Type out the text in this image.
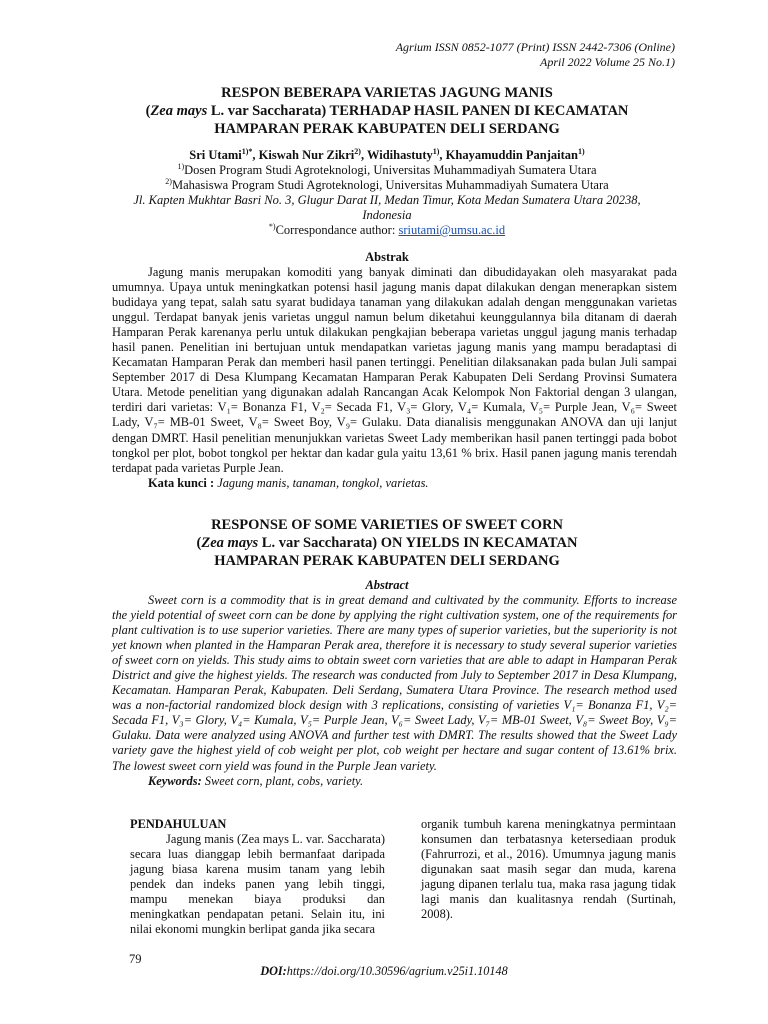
Agrium ISSN 0852-1077 (Print) ISSN 2442-7306 (Online)
April 2022 Volume 25 No.1)
RESPON BEBERAPA VARIETAS JAGUNG MANIS
(Zea mays L. var Saccharata) TERHADAP HASIL PANEN DI KECAMATAN
HAMPARAN PERAK KABUPATEN DELI SERDANG
Sri Utami$^{1)*}$, Kiswah Nur Zikri$^{2)}$, Widihastuty$^{1)}$, Khayamuddin Panjaitan$^{1)}$
$^{1)}$Dosen Program Studi Agroteknologi, Universitas Muhammadiyah Sumatera Utara
$^{2)}$Mahasiswa Program Studi Agroteknologi, Universitas Muhammadiyah Sumatera Utara
Jl. Kapten Mukhtar Basri No. 3, Glugur Darat II, Medan Timur, Kota Medan Sumatera Utara 20238,
Indonesia
*)Correspondance author: sriutami@umsu.ac.id
Abstrak

Jagung manis merupakan komoditi yang banyak diminati dan dibudidayakan oleh masyarakat pada umumnya. Upaya untuk meningkatkan potensi hasil jagung manis dapat dilakukan dengan menerapkan sistem budidaya yang tepat, salah satu syarat budidaya tanaman yang dilakukan adalah dengan menggunakan varietas unggul. Terdapat banyak jenis varietas unggul namun belum diketahui keunggulannya bila ditanam di daerah Hamparan Perak karenanya perlu untuk dilakukan pengkajian beberapa varietas unggul jagung manis terhadap hasil panen. Penelitian ini bertujuan untuk mendapatkan varietas jagung manis yang mampu beradaptasi di Kecamatan Hamparan Perak dan memberi hasil panen tertinggi. Penelitian dilaksanakan pada bulan Juli sampai September 2017 di Desa Klumpang Kecamatan Hamparan Perak Kabupaten Deli Serdang Provinsi Sumatera Utara. Metode penelitian yang digunakan adalah Rancangan Acak Kelompok Non Faktorial dengan 3 ulangan, terdiri dari varietas: V₁= Bonanza F1, V₂= Secada F1, V₃= Glory, V₄= Kumala, V₅= Purple Jean, V₆= Sweet Lady, V₇= MB-01 Sweet, V₈= Sweet Boy, V₉= Gulaku. Data dianalisis menggunakan ANOVA dan uji lanjut dengan DMRT. Hasil penelitian menunjukkan varietas Sweet Lady memberikan hasil panen tertinggi pada bobot tongkol per plot, bobot tongkol per hektar dan kadar gula yaitu 13,61 % brix. Hasil panen jagung manis terendah terdapat pada varietas Purple Jean.

Kata kunci : Jagung manis, tanaman, tongkol, varietas.

RESPONSE OF SOME VARIETIES OF SWEET CORN
(Zea mays L. var Saccharata) ON YIELDS IN KECAMATAN
HAMPARAN PERAK KABUPATEN DELI SERDANG
Abstract

Sweet corn is a commodity that is in great demand and cultivated by the community. Efforts to increase the yield potential of sweet corn can be done by applying the right cultivation system, one of the requirements for plant cultivation is to use superior varieties. There are many types of superior varieties, but the superiority is not yet known when planted in the Hamparan Perak area, therefore it is necessary to study several superior varieties of sweet corn on yields. This study aims to obtain sweet corn varieties that are able to adapt in Hamparan Perak District and give the highest yields. The research was conducted from July to September 2017 in Desa Klumpang, Kecamatan. Hamparan Perak, Kabupaten. Deli Serdang, Sumatera Utara Province. The research method used was a non-factorial randomized block design with 3 replications, consisting of varieties V₁= Bonanza F1, V₂= Secada F1, V₃= Glory, V₄= Kumala, V₅= Purple Jean, V₆= Sweet Lady, V₇= MB-01 Sweet, V₈= Sweet Boy, V₉= Gulaku. Data were analyzed using ANOVA and further test with DMRT. The results showed that the Sweet Lady variety gave the highest yield of cob weight per plot, cob weight per hectare and sugar content of 13.61% brix. The lowest sweet corn yield was found in the Purple Jean variety.

Keywords: Sweet corn, plant, cobs, variety.

PENDAHULUAN

Jagung manis (Zea mays L. var. Saccharata) secara luas dianggap lebih bermanfaat daripada jagung biasa karena musim tanam yang lebih pendek dan indeks panen yang lebih tinggi, mampu menekan biaya produksi dan meningkatkan pendapatan petani. Selain itu, ini nilai ekonomi mungkin berlipat ganda jika secara

organik tumbuh karena meningkatnya permintaan konsumen dan terbatasnya ketersediaan produk (Fahrurrozi, et al., 2016). Umumnya jagung manis digunakan saat masih segar dan muda, karena jagung dipanen terlalu tua, maka rasa jagung tidak lagi manis dan kualitasnya rendah (Surtinah, 2008).

79
DOI:https://doi.org/10.30596/agrium.v25i1.10148
